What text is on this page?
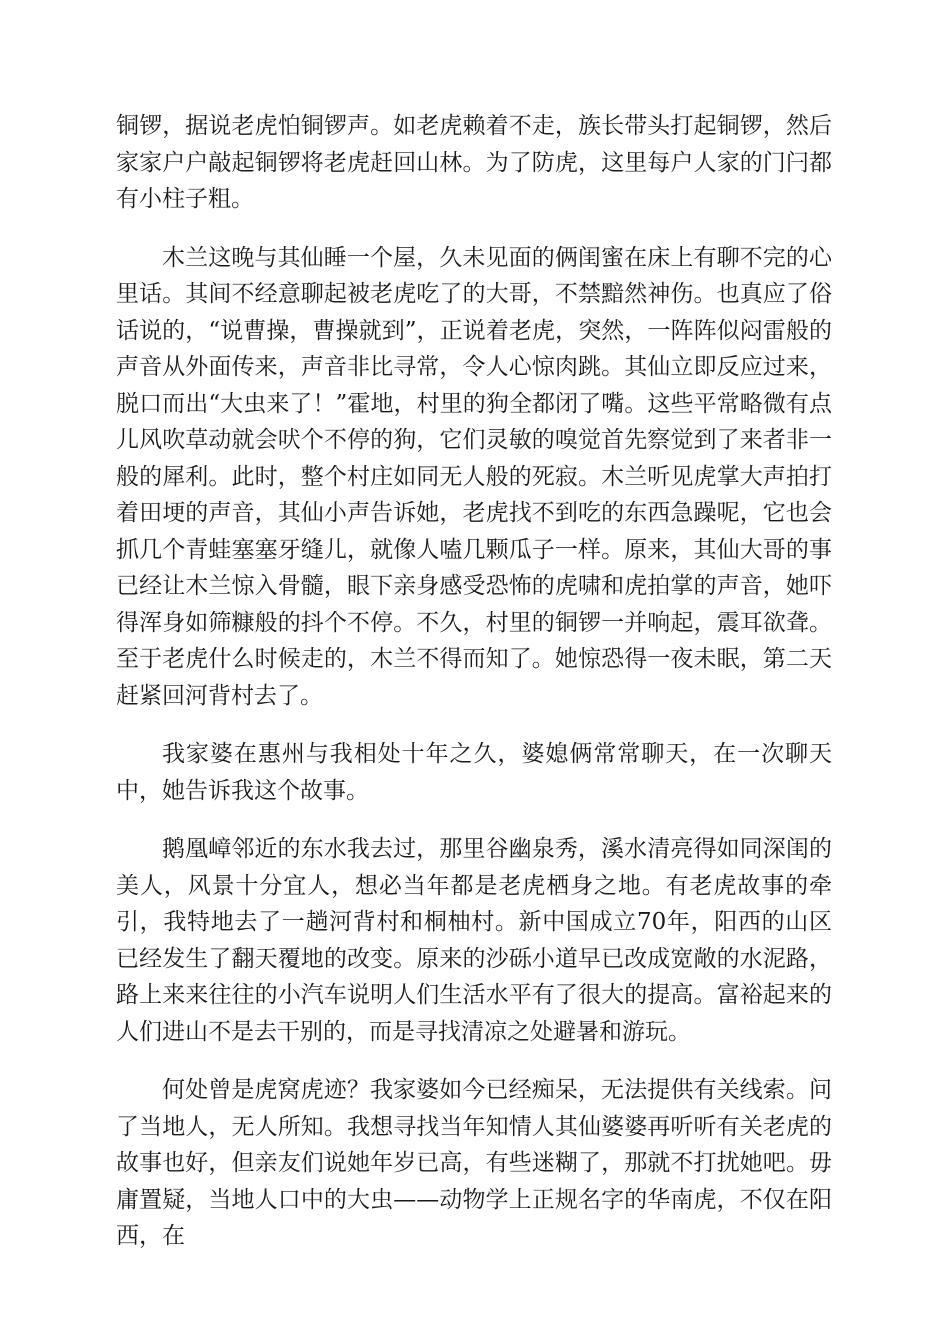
铜锣，据说老虎怕铜锣声。如老虎赖着不走，族长带头打起铜锣，然后家家户户敲起铜锣将老虎赶回山林。为了防虎，这里每户人家的门闩都有小柱子粗。

木兰这晚与其仙睡一个屋，久未见面的俩闺蜜在床上有聊不完的心里话。其间不经意聊起被老虎吃了的大哥，不禁黯然神伤。也真应了俗话说的，“说曹操，曹操就到”，正说着老虎，突然，一阵阵似闷雷般的声音从外面传来，声音非比寻常，令人心惊肉跳。其仙立即反应过来，脱口而出“大虫来了！”霍地，村里的狗全都闭了嘴。这些平常略微有点儿风吹草动就会吠个不停的狗，它们灵敏的嗅觉首先察觉到了来者非一般的犀利。此时，整个村庄如同无人般的死寂。木兰听见虎掌大声拍打着田埂的声音，其仙小声告诉她，老虎找不到吃的东西急躁呢，它也会抓几个青蛙塞塞牙缝儿，就像人嗑几颗瓜子一样。原来，其仙大哥的事已经让木兰惊入骨髓，眼下亲身感受恐怖的虎啸和虎拍掌的声音，她吓得浑身如筛糠般的抖个不停。不久，村里的铜锣一并响起，震耳欲聋。至于老虎什么时候走的，木兰不得而知了。她惊恐得一夜未眠，第二天赶紧回河背村去了。

我家婆在惠州与我相处十年之久，婆媳俩常常聊天，在一次聊天中，她告诉我这个故事。

鹅凰嶂邻近的东水我去过，那里谷幽泉秀，溪水清亮得如同深闺的美人，风景十分宜人，想必当年都是老虎栖身之地。有老虎故事的牵引，我特地去了一趟河背村和桐柚村。新中国成立70年，阳西的山区已经发生了翻天覆地的改变。原来的沙砾小道早已改成宽敞的水泥路，路上来来往往的小汽车说明人们生活水平有了很大的提高。富裕起来的人们进山不是去干别的，而是寻找清凉之处避暑和游玩。

何处曾是虎窝虎迹？我家婆如今已经痴呆，无法提供有关线索。问了当地人，无人所知。我想寻找当年知情人其仙婆婆再听听有关老虎的故事也好，但亲友们说她年岁已高，有些迷糊了，那就不打扰她吧。毋庸置疑，当地人口中的大虫——动物学上正规名字的华南虎，不仅在阳西，在
